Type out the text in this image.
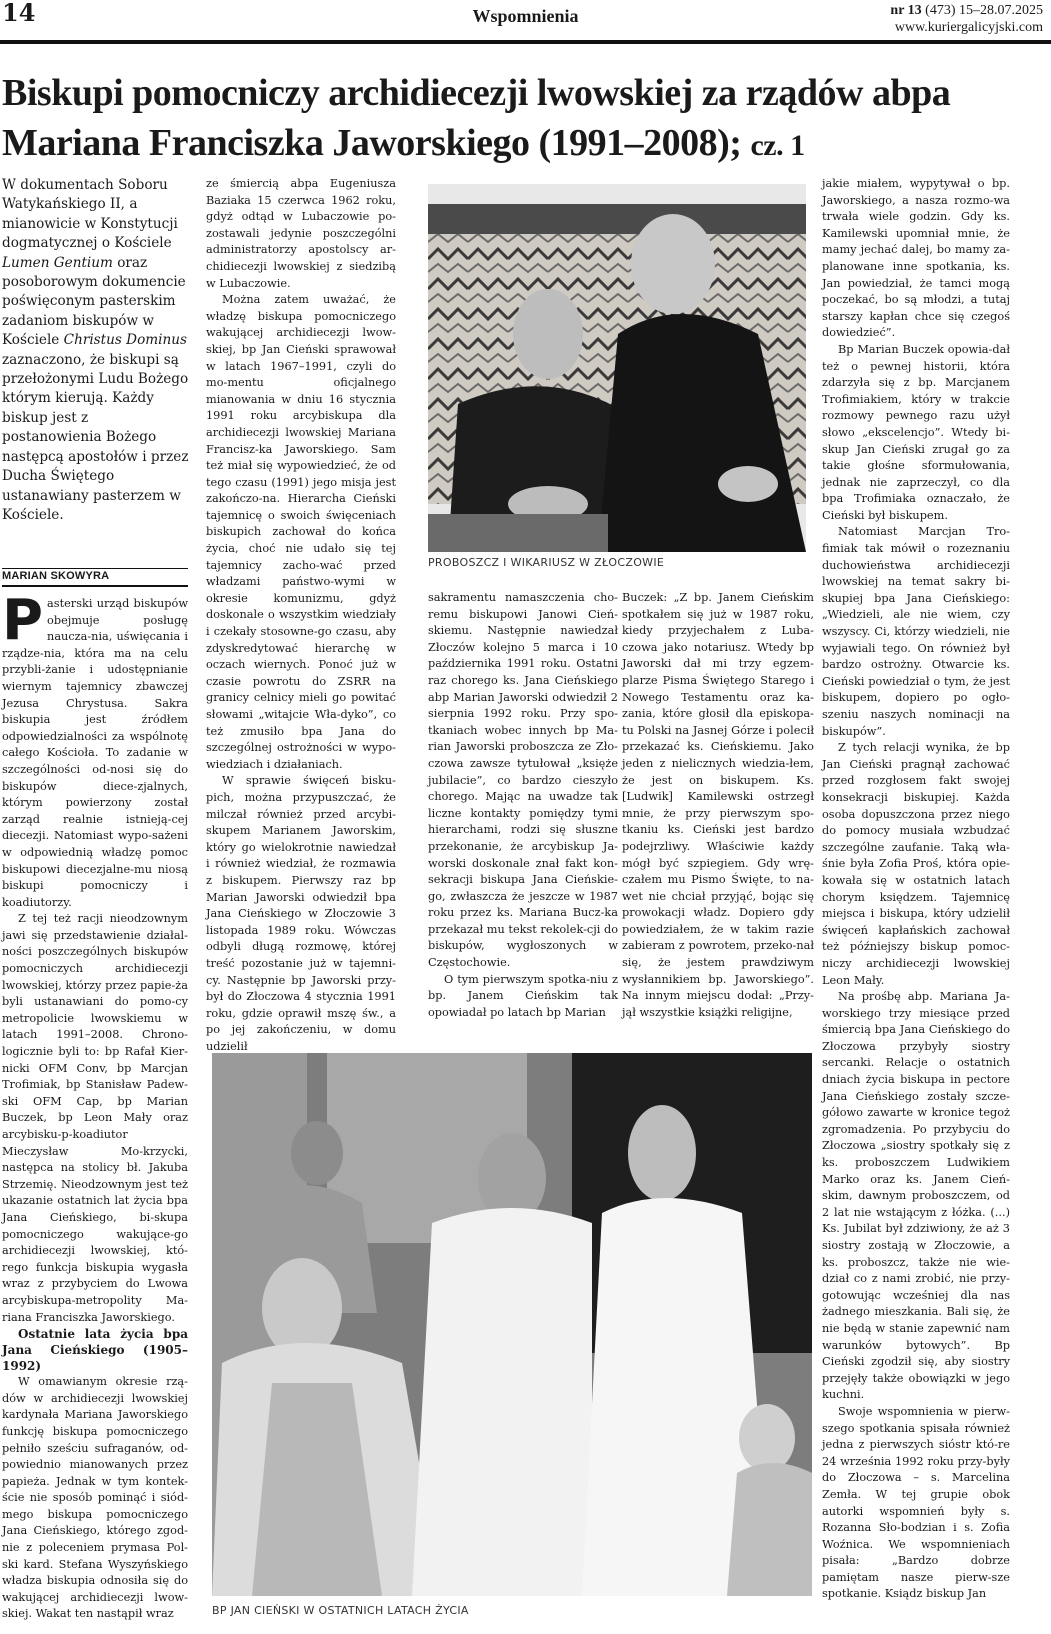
14	Wspomnienia	nr 13 (473) 15–28.07.2025
www.kuriergalicyjski.com
Biskupi pomocniczy archidiecezji lwowskiej za rządów abpa Mariana Franciszka Jaworskiego (1991–2008); cz. 1
W dokumentach Soboru Watykańskiego II, a mianowicie w Konstytucji dogmatycznej o Kościele Lumen Gentium oraz posoborowym dokumencie poświęconym pasterskim zadaniom biskupów w Kościele Christus Dominus zaznaczono, że biskupi są przełożonymi Ludu Bożego którym kierują. Każdy biskup jest z postanowienia Bożego następcą apostołów i przez Ducha Świętego ustanawiany pasterzem w Kościele.
MARIAN SKOWYRA

Pasterski urząd biskupów obejmuje posługę naucza-nia, uświęcania i rządze-nia, która ma na celu przybli-żanie i udostępnianie wiernym tajemnicy zbawczej Jezusa Chrystusa. Sakra biskupia jest źródłem odpowiedzialności za wspólnotę całego Kościoła. To zadanie w szczególności od-nosi się do biskupów diece-zjalnych, którym powierzony został zarząd realnie istnieją-cej diecezji. Natomiast wypo-sażeni w odpowiednią władzę pomoc biskupowi diecezjalne-mu niosą biskupi pomocniczy i koadiutorzy.

Z tej też racji nieodzownym jawi się przedstawienie działal-ności poszczególnych biskupów pomocniczych archidiecezji lwowskiej, którzy przez papie-ża byli ustanawiani do pomo-cy metropolicie lwowskiemu w latach 1991–2008. Chrono-logicznie byli to: bp Rafał Kier-nicki OFM Conv, bp Marcjan Trofimiak, bp Stanisław Padew-ski OFM Cap, bp Marian Buczek, bp Leon Mały oraz arcybisku-p-koadiutor Mieczysław Mo-krzycki, następca na stolicy bł. Jakuba Strzemię. Nieodzownym jest też ukazanie ostatnich lat życia bpa Jana Cieńskiego, bi-skupa pomocniczego wakujące-go archidiecezji lwowskiej, któ-rego funkcja biskupia wygasła wraz z przybyciem do Lwowa arcybiskupa-metropolity Ma-riana Franciszka Jaworskiego.

Ostatnie lata życia bpa Jana Cieńskiego (1905–1992)

W omawianym okresie rzą-dów w archidiecezji lwowskiej kardynała Mariana Jaworskiego funkcję biskupa pomocniczego pełniło sześciu sufraganów, od-powiednio mianowanych przez papieża. Jednak w tym kontek-ście nie sposób pominąć i siód-mego biskupa pomocniczego Jana Cieńskiego, którego zgod-nie z poleceniem prymasa Pol-ski kard. Stefana Wyszyńskiego władza biskupia odnosiła się do wakującej archidiecezji lwow-skiej. Wakat ten nastąpił wraz

ze śmiercią abpa Eugeniusza Baziaka 15 czerwca 1962 roku, gdyż odtąd w Lubaczowie po-zostawali jedynie poszczególni administratorzy apostolscy ar-chidiecezji lwowskiej z siedzibą w Lubaczowie.

Można zatem uważać, że władzę biskupa pomocniczego wakującej archidiecezji lwow-skiej, bp Jan Cieński sprawował w latach 1967–1991, czyli do mo-mentu oficjalnego mianowania w dniu 16 stycznia 1991 roku arcybiskupa dla archidiecezji lwowskiej Mariana Francisz-ka Jaworskiego. Sam też miał się wypowiedzieć, że od tego czasu (1991) jego misja jest zakończo-na. Hierarcha Cieński tajemnicę o swoich święceniach biskupich zachował do końca życia, choć nie udało się tej tajemnicy zacho-wać przed władzami państwo-wymi w okresie komunizmu, gdyż doskonale o wszystkim wiedziały i czekały stosowne-go czasu, aby zdyskredytować hierarchę w oczach wiernych. Ponoć już w czasie powrotu do ZSRR na granicy celnicy mieli go powitać słowami „witajcie Wła-dyko”, co też zmusiło bpa Jana do szczególnej ostrożności w wypo-wiedziach i działaniach.

W sprawie święceń bisku-pich, można przypuszczać, że milczał również przed arcybi-skupem Marianem Jaworskim, który go wielokrotnie nawiedzał i również wiedział, że rozmawia z biskupem. Pierwszy raz bp Marian Jaworski odwiedził bpa Jana Cieńskiego w Złoczowie 3 listopada 1989 roku. Wówczas odbyli długą rozmowę, której treść pozostanie już w tajemni-cy. Następnie bp Jaworski przy-był do Złoczowa 4 stycznia 1991 roku, gdzie oprawił mszę św., a po jej zakończeniu, w domu udzielił

PROBOSZCZ I WIKARIUSZ W ZŁOCZOWIE

sakramentu namaszczenia cho-remu biskupowi Janowi Cień-skiemu. Następnie nawiedzał Złoczów kolejno 5 marca i 10 października 1991 roku. Ostatni raz chorego ks. Jana Cieńskiego abp Marian Jaworski odwiedził 2 sierpnia 1992 roku. Przy spo-tkaniach wobec innych bp Ma-rian Jaworski proboszcza ze Zło-czowa zawsze tytułował „księże jubilacie”, co bardzo cieszyło chorego. Mając na uwadze tak liczne kontakty pomiędzy tymi hierarchami, rodzi się słuszne przekonanie, że arcybiskup Ja-worski doskonale znał fakt kon-sekracji biskupa Jana Cieńskie-go, zwłaszcza że jeszcze w 1987 roku przez ks. Mariana Bucz-ka przekazał mu tekst rekolek-cji do biskupów, wygłoszonych w Częstochowie.

O tym pierwszym spotka-niu z bp. Janem Cieńskim tak opowiadał po latach bp Marian

Buczek: „Z bp. Janem Cieńskim spotkałem się już w 1987 roku, kiedy przyjechałem z Luba-czowa jako notariusz. Wtedy bp Jaworski dał mi trzy egzem-plarze Pisma Świętego Starego i Nowego Testamentu oraz ka-zania, które głosił dla episkopa-tu Polski na Jasnej Górze i polecił przekazać ks. Cieńskiemu. Jako jeden z nielicznych wiedzia-łem, że jest on biskupem. Ks. [Ludwik] Kamilewski ostrzegł mnie, że przy pierwszym spo-tkaniu ks. Cieński jest bardzo podejrzliwy. Właściwie każdy mógł być szpiegiem. Gdy wrę-czałem mu Pismo Święte, to na-wet nie chciał przyjąć, bojąc się prowokacji władz. Dopiero gdy powiedziałem, że w takim razie zabieram z powrotem, przeko-nał się, że jestem prawdziwym wysłannikiem bp. Jaworskiego”. Na innym miejscu dodał: „Przy-jął wszystkie książki religijne,

jakie miałem, wypytywał o bp. Jaworskiego, a nasza rozmo-wa trwała wiele godzin. Gdy ks. Kamilewski upomniał mnie, że mamy jechać dalej, bo mamy za-planowane inne spotkania, ks. Jan powiedział, że tamci mogą poczekać, bo są młodzi, a tutaj starszy kapłan chce się czegoś dowiedzieć”.

Bp Marian Buczek opowia-dał też o pewnej historii, która zdarzyła się z bp. Marcjanem Trofimiakiem, który w trakcie rozmowy pewnego razu użył słowo „ekscelencjo”. Wtedy bi-skup Jan Cieński zrugał go za takie głośne sformułowania, jednak nie zaprzeczył, co dla bpa Trofimiaka oznaczało, że Cieński był biskupem.

Natomiast Marcjan Tro-fimiak tak mówił o rozeznaniu duchowieństwa archidiecezji lwowskiej na temat sakry bi-skupiej bpa Jana Cieńskiego: „Wiedzieli, ale nie wiem, czy wszyscy. Ci, którzy wiedzieli, nie wyjawiali tego. On również był bardzo ostrożny. Otwarcie ks. Cieński powiedział o tym, że jest biskupem, dopiero po ogło-szeniu naszych nominacji na biskupów”.

Z tych relacji wynika, że bp Jan Cieński pragnął zachować przed rozgłosem fakt swojej konsekracji biskupiej. Każda osoba dopuszczona przez niego do pomocy musiała wzbudzać szczególne zaufanie. Taką wła-śnie była Zofia Proś, która opie-kowała się w ostatnich latach chorym księdzem. Tajemnicę miejsca i biskupa, który udzielił święceń kapłańskich zachował też późniejszy biskup pomoc-niczy archidiecezji lwowskiej Leon Mały.

Na prośbę abp. Mariana Ja-worskiego trzy miesiące przed śmiercią bpa Jana Cieńskiego do Złoczowa przybyły siostry sercanki. Relacje o ostatnich dniach życia biskupa in pectore Jana Cieńskiego zostały szcze-gółowo zawarte w kronice tegoż zgromadzenia. Po przybyciu do Złoczowa „siostry spotkały się z ks. proboszczem Ludwikiem Marko oraz ks. Janem Cień-skim, dawnym proboszczem, od 2 lat nie wstającym z łóżka. (...) Ks. Jubilat był zdziwiony, że aż 3 siostry zostają w Złoczowie, a ks. proboszcz, także nie wie-dział co z nami zrobić, nie przy-gotowując wcześniej dla nas żadnego mieszkania. Bali się, że nie będą w stanie zapewnić nam warunków bytowych”. Bp Cieński zgodził się, aby siostry przejęły także obowiązki w jego kuchni.

Swoje wspomnienia w pierw-szego spotkania spisała również jedna z pierwszych sióstr któ-re 24 września 1992 roku przy-były do Złoczowa – s. Marcelina Zemła. W tej grupie obok autorki wspomnień były s. Rozanna Sło-bodzian i s. Zofia Woźnica. We wspomnieniach pisała: „Bardzo dobrze pamiętam nasze pierw-sze spotkanie. Ksiądz biskup Jan

BP JAN CIEŃSKI W OSTATNICH LATACH ŻYCIA
